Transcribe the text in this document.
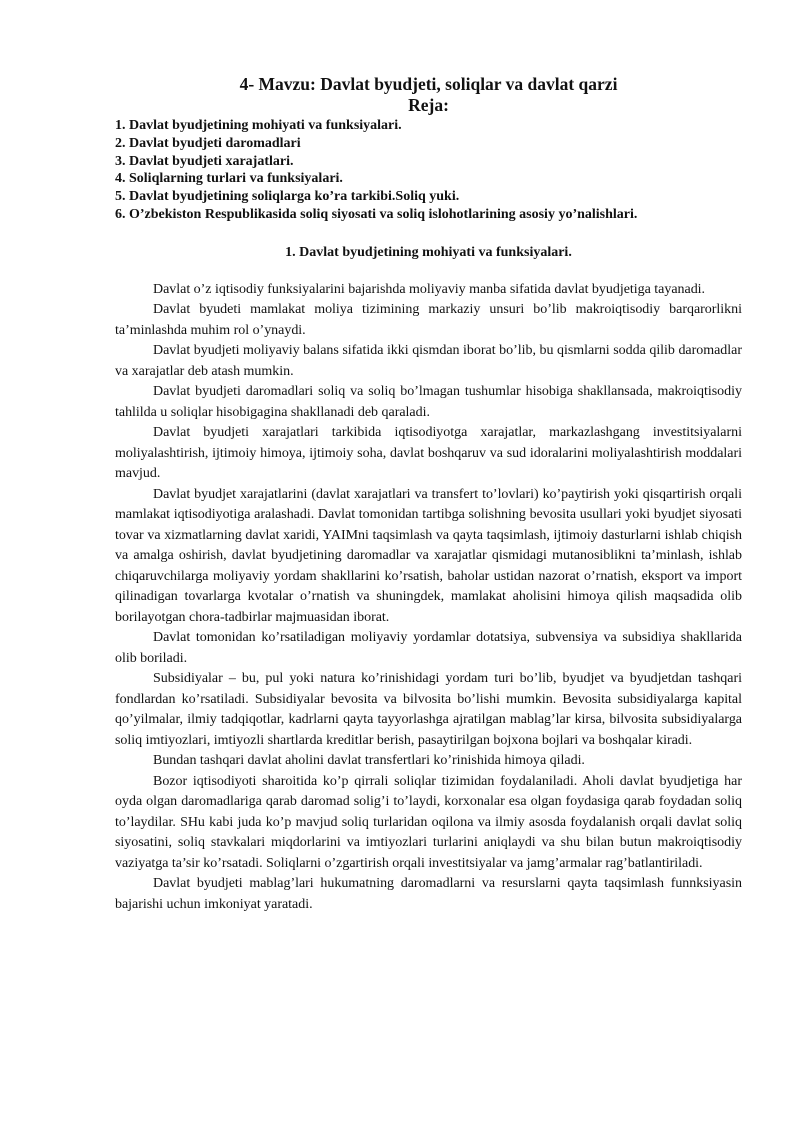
4- Mavzu: Davlat byudjeti, soliqlar va davlat qarzi
Reja:
1. Davlat byudjetining mohiyati va funksiyalari.
2. Davlat byudjeti daromadlari
3. Davlat byudjeti xarajatlari.
4. Soliqlarning turlari va funksiyalari.
5. Davlat byudjetining soliqlarga ko’ra tarkibi.Soliq yuki.
6. O’zbekiston Respublikasida soliq siyosati va soliq islohotlarining asosiy yo’nalishlari.
1. Davlat byudjetining mohiyati va funksiyalari.

Davlat o’z iqtisodiy funksiyalarini bajarishda moliyaviy manba sifatida davlat byudjetiga tayanadi.

Davlat byudeti mamlakat moliya tizimining markaziy unsuri bo’lib makroiqtisodiy barqarorlikni ta’minlashda muhim rol o’ynaydi.

Davlat byudjeti moliyaviy balans sifatida ikki qismdan iborat bo’lib, bu qismlarni sodda qilib daromadlar va xarajatlar deb atash mumkin.

Davlat byudjeti daromadlari soliq va soliq bo’lmagan tushumlar hisobiga shakllansada, makroiqtisodiy tahlilda u soliqlar hisobigagina shakllanadi deb qaraladi.

Davlat byudjeti xarajatlari tarkibida iqtisodiyotga xarajatlar, markazlashgang investitsiyalarni moliyalashtirish, ijtimoiy himoya, ijtimoiy soha, davlat boshqaruv va sud idoralarini moliyalashtirish moddalari mavjud.

Davlat byudjet xarajatlarini (davlat xarajatlari va transfert to’lovlari) ko’paytirish yoki qisqartirish orqali mamlakat iqtisodiyotiga aralashadi. Davlat tomonidan tartibga solishning bevosita usullari yoki byudjet siyosati tovar va xizmatlarning davlat xaridi, YAIMni taqsimlash va qayta taqsimlash, ijtimoiy dasturlarni ishlab chiqish va amalga oshirish, davlat byudjetining daromadlar va xarajatlar qismidagi mutanosiblikni ta’minlash, ishlab chiqaruvchilarga moliyaviy yordam shakllarini ko’rsatish, baholar ustidan nazorat o’rnatish, eksport va import qilinadigan tovarlarga kvotalar o’rnatish va shuningdek, mamlakat aholisini himoya qilish maqsadida olib borilayotgan chora-tadbirlar majmuasidan iborat.

Davlat tomonidan ko’rsatiladigan moliyaviy yordamlar dotatsiya, subvensiya va subsidiya shakllarida olib boriladi.

Subsidiyalar – bu, pul yoki natura ko’rinishidagi yordam turi bo’lib, byudjet va byudjetdan tashqari fondlardan ko’rsatiladi. Subsidiyalar bevosita va bilvosita bo’lishi mumkin. Bevosita subsidiyalarga kapital qo’yilmalar, ilmiy tadqiqotlar, kadrlarni qayta tayyorlashga ajratilgan mablag’lar kirsa, bilvosita subsidiyalarga soliq imtiyozlari, imtiyozli shartlarda kreditlar berish, pasaytirilgan bojxona bojlari va boshqalar kiradi.

Bundan tashqari davlat aholini davlat transfertlari ko’rinishida himoya qiladi.

Bozor iqtisodiyoti sharoitida ko’p qirrali soliqlar tizimidan foydalaniladi. Aholi davlat byudjetiga har oyda olgan daromadlariga qarab daromad solig’i to’laydi, korxonalar esa olgan foydasiga qarab foydadan soliq to’laydilar. SHu kabi juda ko’p mavjud soliq turlaridan oqilona va ilmiy asosda foydalanish orqali davlat soliq siyosatini, soliq stavkalari miqdorlarini va imtiyozlari turlarini aniqlaydi va shu bilan butun makroiqtisodiy vaziyatga ta’sir ko’rsatadi. Soliqlarni o’zgartirish orqali investitsiyalar va jamg’armalar rag’batlantiriladi.

Davlat byudjeti mablag’lari hukumatning daromadlarni va resurslarni qayta taqsimlash funnksiyasin bajarishi uchun imkoniyat yaratadi.
